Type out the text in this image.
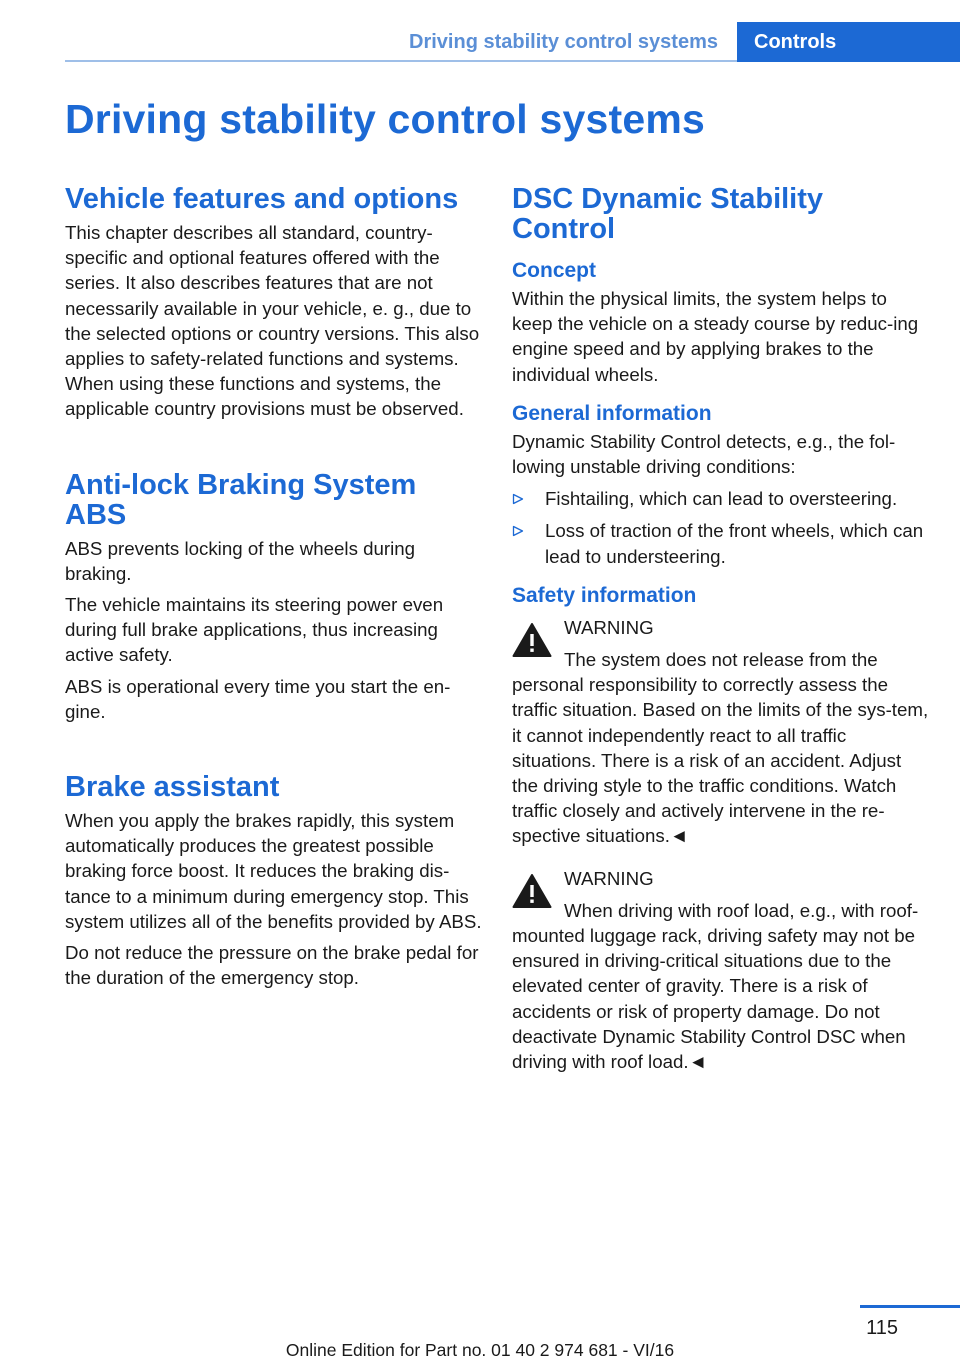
Driving stability control systems Controls
Driving stability control systems
Vehicle features and options

This chapter describes all standard, country-specific and optional features offered with the series. It also describes features that are not necessarily available in your vehicle, e. g., due to the selected options or country versions. This also applies to safety-related functions and systems. When using these functions and systems, the applicable country provisions must be observed.

Anti-lock Braking System ABS

ABS prevents locking of the wheels during braking.

The vehicle maintains its steering power even during full brake applications, thus increasing active safety.

ABS is operational every time you start the en‐gine.

Brake assistant

When you apply the brakes rapidly, this system automatically produces the greatest possible braking force boost. It reduces the braking dis‐tance to a minimum during emergency stop. This system utilizes all of the benefits provided by ABS.

Do not reduce the pressure on the brake pedal for the duration of the emergency stop.

DSC Dynamic Stability Control
Concept

Within the physical limits, the system helps to keep the vehicle on a steady course by reduc‐ing engine speed and by applying brakes to the individual wheels.

General information

Dynamic Stability Control detects, e.g., the fol‐lowing unstable driving conditions:

Fishtailing, which can lead to oversteering.
Loss of traction of the front wheels, which can lead to understeering.
Safety information
WARNING
The system does not release from the personal responsibility to correctly assess the traffic situation. Based on the limits of the sys‐tem, it cannot independently react to all traffic situations. There is a risk of an accident. Adjust the driving style to the traffic conditions. Watch traffic closely and actively intervene in the re‐spective situations.◄
WARNING
When driving with roof load, e.g., with roof-mounted luggage rack, driving safety may not be ensured in driving-critical situations due to the elevated center of gravity. There is a risk of accidents or risk of property damage. Do not deactivate Dynamic Stability Control DSC when driving with roof load.◄
115
Online Edition for Part no. 01 40 2 974 681 - VI/16
